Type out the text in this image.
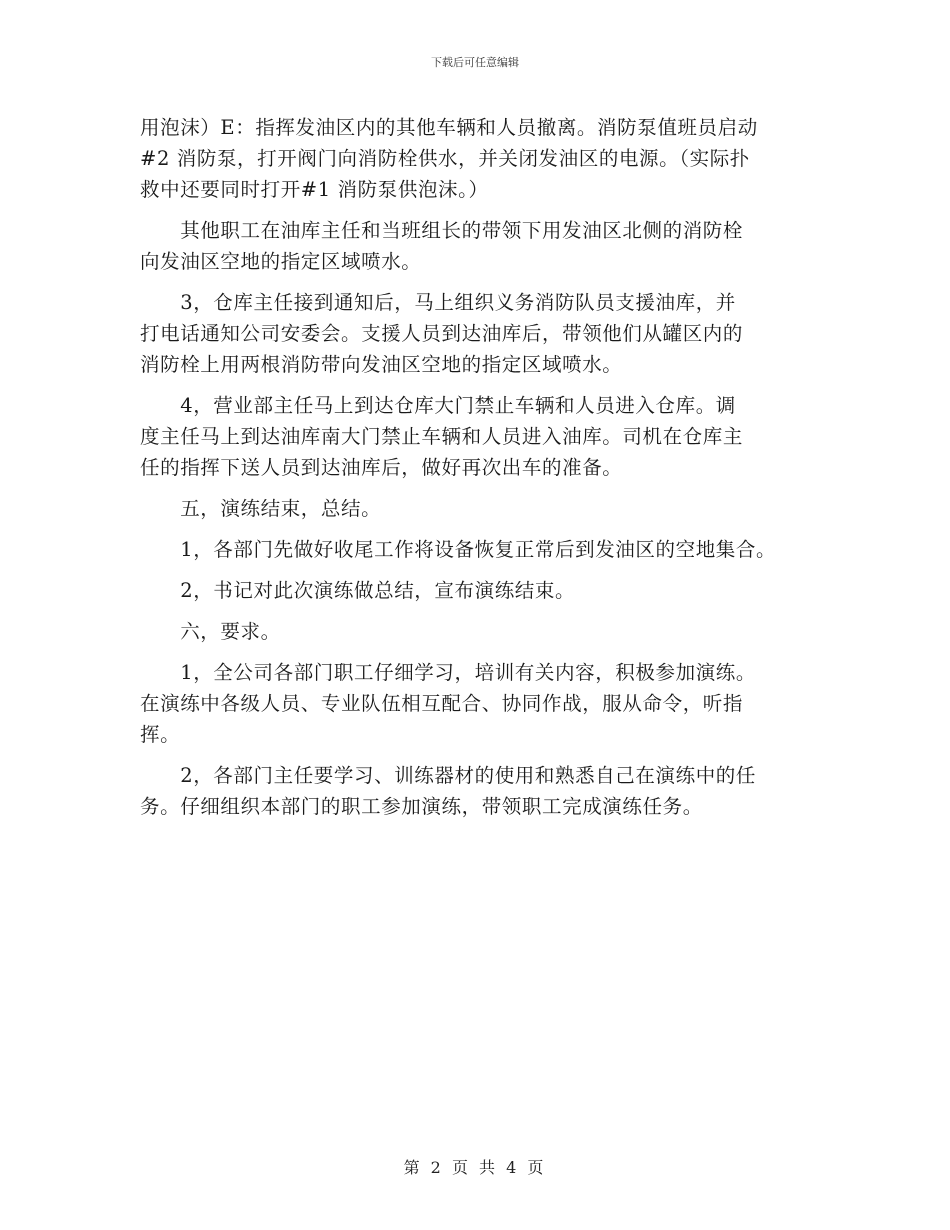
下载后可任意编辑

用泡沫）E：指挥发油区内的其他车辆和人员撤离。消防泵值班员启动
#2 消防泵，打开阀门向消防栓供水，并关闭发油区的电源。（实际扑
救中还要同时打开#1 消防泵供泡沫。）

　　其他职工在油库主任和当班组长的带领下用发油区北侧的消防栓
向发油区空地的指定区域喷水。

　　3，仓库主任接到通知后，马上组织义务消防队员支援油库，并
打电话通知公司安委会。支援人员到达油库后，带领他们从罐区内的
消防栓上用两根消防带向发油区空地的指定区域喷水。

　　4，营业部主任马上到达仓库大门禁止车辆和人员进入仓库。调
度主任马上到达油库南大门禁止车辆和人员进入油库。司机在仓库主
任的指挥下送人员到达油库后，做好再次出车的准备。

　　五，演练结束，总结。

　　1，各部门先做好收尾工作将设备恢复正常后到发油区的空地集合。

　　2，书记对此次演练做总结，宣布演练结束。

　　六，要求。

　　1，全公司各部门职工仔细学习，培训有关内容，积极参加演练。
在演练中各级人员、专业队伍相互配合、协同作战，服从命令，听指
挥。

　　2，各部门主任要学习、训练器材的使用和熟悉自己在演练中的任
务。仔细组织本部门的职工参加演练，带领职工完成演练任务。

第 2 页 共 4 页
